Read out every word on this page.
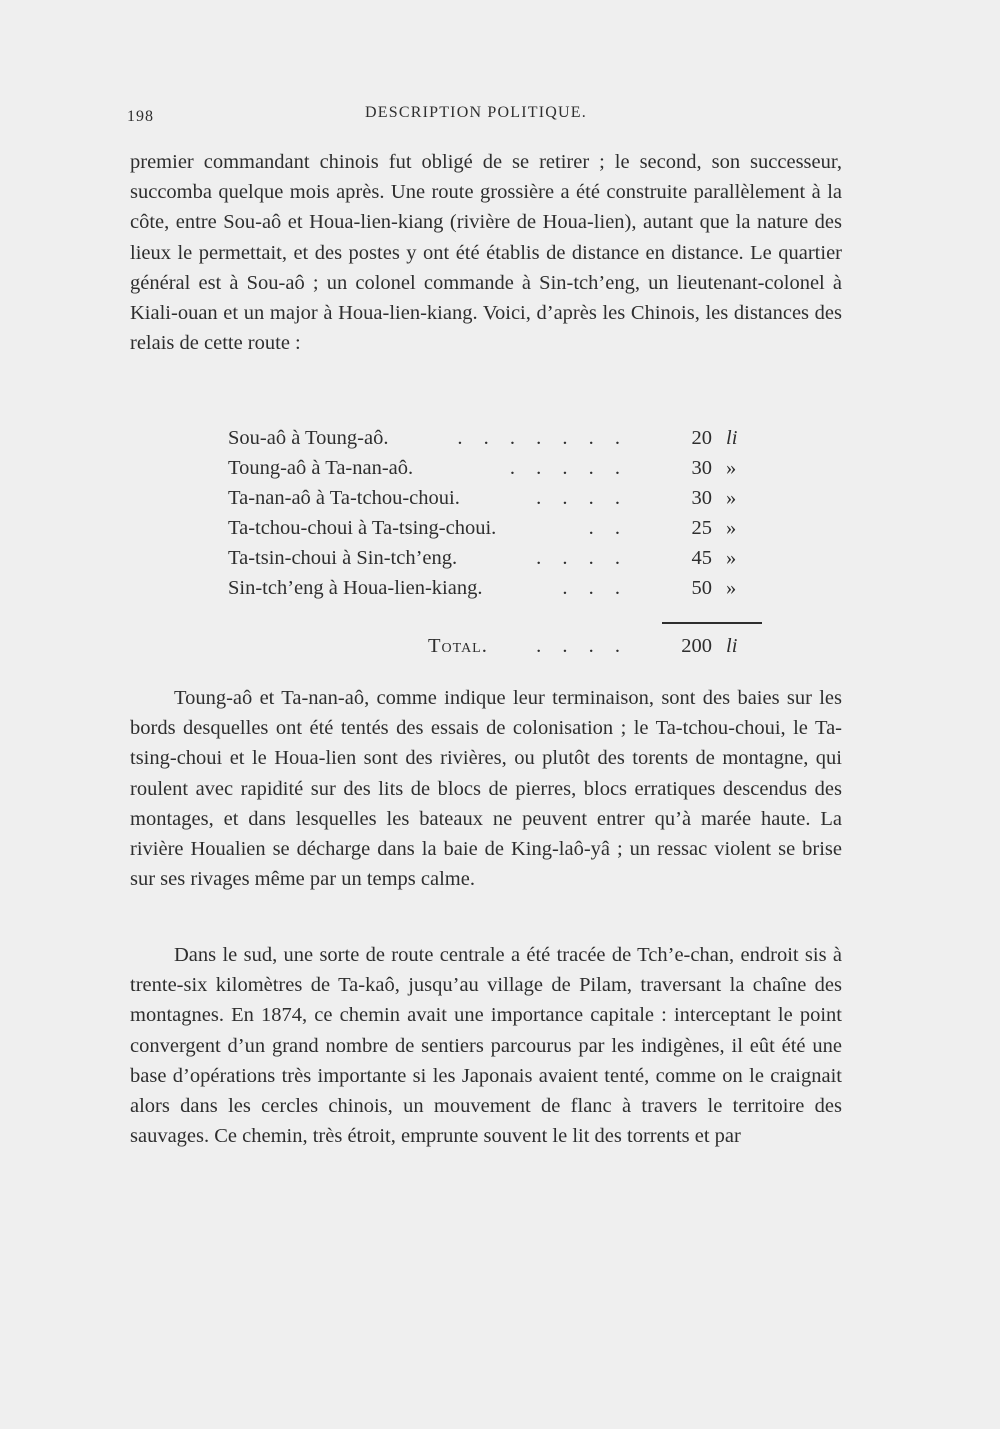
198	DESCRIPTION POLITIQUE.

premier commandant chinois fut obligé de se retirer ; le second, son successeur, succomba quelque mois après. Une route grossière a été construite parallèlement à la côte, entre Sou-aô et Houa-lien-kiang (rivière de Houa-lien), autant que la nature des lieux le permettait, et des postes y ont été établis de distance en distance. Le quartier général est à Sou-aô ; un colonel commande à Sin-tch’eng, un lieutenant-colonel à Kiali-ouan et un major à Houa-lien-kiang. Voici, d’après les Chinois, les distances des relais de cette route :

Sou-aô à Toung-aô.	. . . . . . .	20 li
Toung-aô à Ta-nan-aô.	. . . . .	30 »
Ta-nan-aô à Ta-tchou-choui.	. . . .	30 »
Ta-tchou-choui à Ta-tsing-choui.	. .	25 »
Ta-tsin-choui à Sin-tch’eng.	. . . .	45 »
Sin-tch’eng à Houa-lien-kiang.	. . .	50 »
Total.	. . . .	200 li

Toung-aô et Ta-nan-aô, comme indique leur terminaison, sont des baies sur les bords desquelles ont été tentés des essais de colonisation ; le Ta-tchou-choui, le Ta-tsing-choui et le Houa-lien sont des rivières, ou plutôt des torents de montagne, qui roulent avec rapidité sur des lits de blocs de pierres, blocs erratiques descendus des montages, et dans lesquelles les bateaux ne peuvent entrer qu’à marée haute. La rivière Houalien se décharge dans la baie de King-laô-yâ ; un ressac violent se brise sur ses rivages même par un temps calme.

Dans le sud, une sorte de route centrale a été tracée de Tch’e-chan, endroit sis à trente-six kilomètres de Ta-kaô, jusqu’au village de Pilam, traversant la chaîne des montagnes. En 1874, ce chemin avait une importance capitale : interceptant le point convergent d’un grand nombre de sentiers parcourus par les indigènes, il eût été une base d’opérations très importante si les Japonais avaient tenté, comme on le craignait alors dans les cercles chinois, un mouvement de flanc à travers le territoire des sauvages. Ce chemin, très étroit, emprunte souvent le lit des torrents et par
